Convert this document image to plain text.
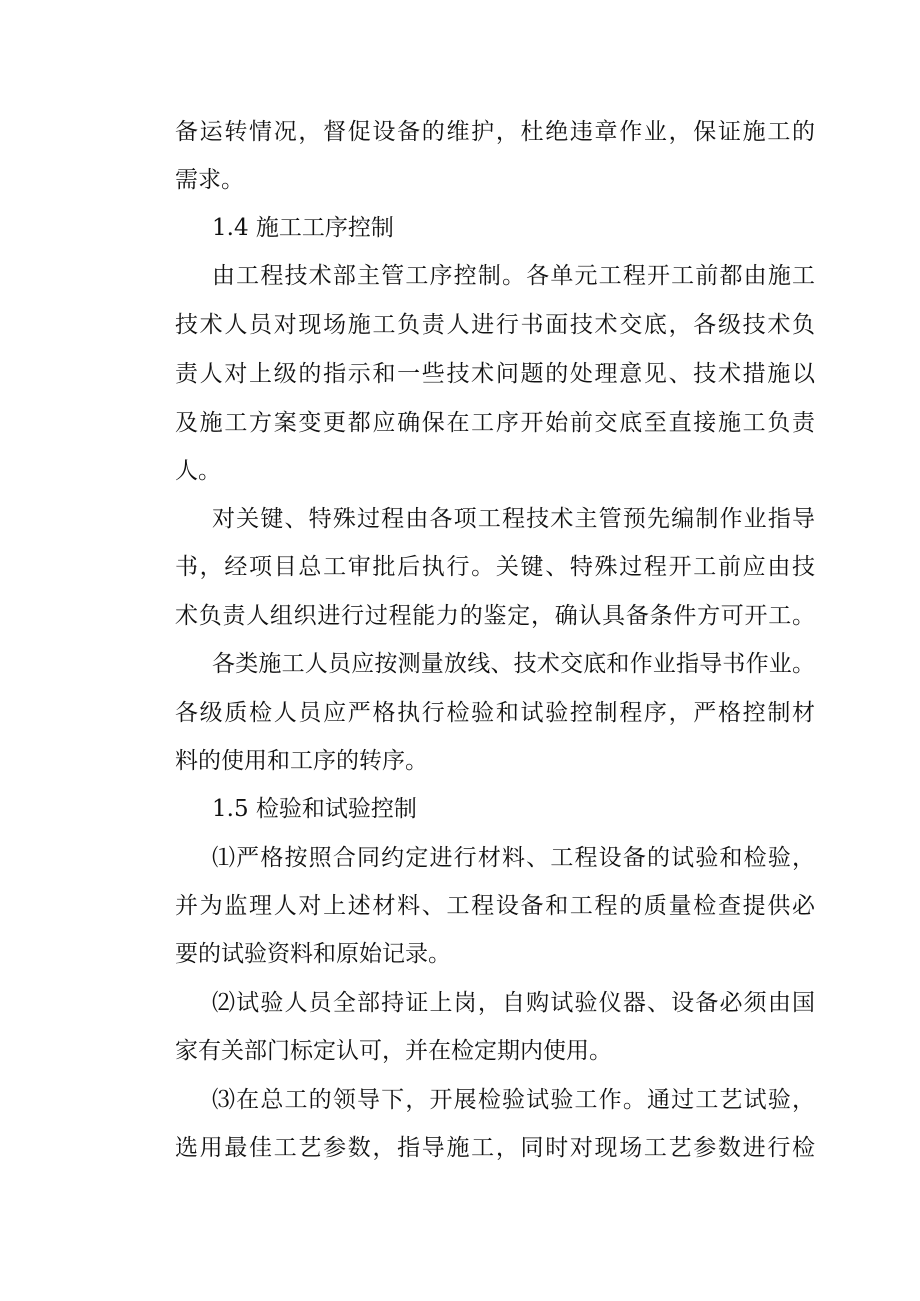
备运转情况，督促设备的维护，杜绝违章作业，保证施工的
需求。
1.4 施工工序控制
由工程技术部主管工序控制。各单元工程开工前都由施工
技术人员对现场施工负责人进行书面技术交底，各级技术负
责人对上级的指示和一些技术问题的处理意见、技术措施以
及施工方案变更都应确保在工序开始前交底至直接施工负责
人。
对关键、特殊过程由各项工程技术主管预先编制作业指导
书，经项目总工审批后执行。关键、特殊过程开工前应由技
术负责人组织进行过程能力的鉴定，确认具备条件方可开工。
各类施工人员应按测量放线、技术交底和作业指导书作业。
各级质检人员应严格执行检验和试验控制程序，严格控制材
料的使用和工序的转序。
1.5 检验和试验控制
⑴严格按照合同约定进行材料、工程设备的试验和检验，
并为监理人对上述材料、工程设备和工程的质量检查提供必
要的试验资料和原始记录。
⑵试验人员全部持证上岗，自购试验仪器、设备必须由国
家有关部门标定认可，并在检定期内使用。
⑶在总工的领导下，开展检验试验工作。通过工艺试验，
选用最佳工艺参数，指导施工，同时对现场工艺参数进行检
